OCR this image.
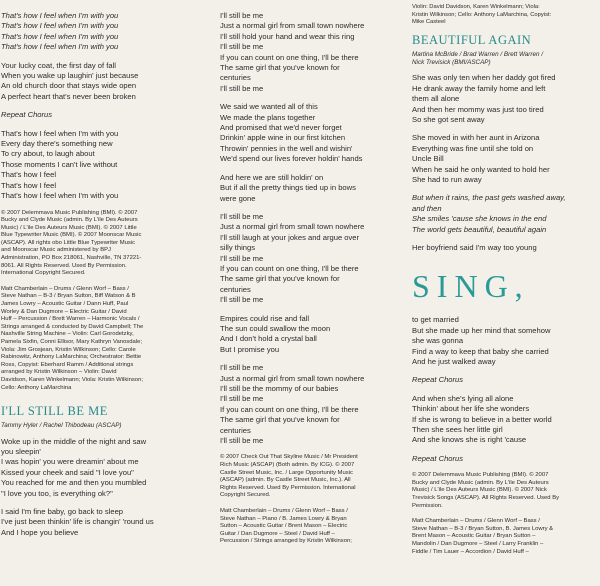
That's how I feel when I'm with you
That's how I feel when I'm with you
That's how I feel when I'm with you
That's how I feel when I'm with you

Your lucky coat, the first day of fall
When you wake up laughin' just because
An old church door that stays wide open
A perfect heart that's never been broken

Repeat Chorus

That's how I feel when I'm with you
Every day there's something new
To cry about, to laugh about
Those moments I can't live without
That's how I feel
That's how I feel
That's how I feel when I'm with you

© 2007 Delemmava Music Publishing (BMI). © 2007
Bucky and Clyde Music (admin. By L'ile Des Auteurs
Music) / L'ile Des Auteurs Music (BMI). © 2007 Little
Blue Typewriter Music (BMI). © 2007 Moonscar Music
(ASCAP). All rights obo Little Blue Typewriter Music
and Moonscar Music administered by BPJ
Administration, PO Box 218061, Nashville, TN 37221-
8061. All Rights Reserved. Used By Permission.
International Copyright Secured.

Matt Chamberlain – Drums / Glenn Worf – Bass /
Steve Nathan – B-3 / Bryan Sutton, Biff Watson & B
James Lowry – Acoustic Guitar / Dann Huff, Paul
Worley & Dan Dugmore – Electric Guitar / David
Huff – Percussion / Brett Warren – Harmonic Vocals /
Strings arranged & conducted by David Campbell; The
Nashville String Machine – Violin: Carl Gorodetzky,
Pamela Sixfin, Conni Ellisor, Mary Kathryn Vanosdale;
Viola: Jim Grosjean, Kristin Wilkinson; Cello: Carole
Rabinowitz, Anthony LaMarchina; Orchestrator: Bettie
Ross, Copyist: Eberhard Ramm / Additional strings
arranged by Kristin Wilkinson – Violin: David
Davidson, Karen Winkelmann; Viola: Kristin Wilkinson;
Cello: Anthony LaMarchina

I'LL STILL BE ME

Tammy Hyler / Rachel Thibodeau (ASCAP)

Woke up in the middle of the night and saw
you sleepin'
I was hopin' you were dreamin' about me
Kissed your cheek and said "I love you"
You reached for me and then you mumbled
"I love you too, is everything ok?"

I said I'm fine baby, go back to sleep
I've just been thinkin' life is changin' 'round us
And I hope you believe

I'll still be me
Just a normal girl from small town nowhere
I'll still hold your hand and wear this ring
I'll still be me
If you can count on one thing, I'll be there
The same girl that you've known for
centuries
I'll still be me

We said we wanted all of this
We made the plans together
And promised that we'd never forget
Drinkin' apple wine in our first kitchen
Throwin' pennies in the well and wishin'
We'd spend our lives forever holdin' hands

And here we are still holdin' on
But if all the pretty things tied up in bows
were gone

I'll still be me
Just a normal girl from small town nowhere
I'll still laugh at your jokes and argue over
silly things
I'll still be me
If you can count on one thing, I'll be there
The same girl that you've known for
centuries
I'll still be me

Empires could rise and fall
The sun could swallow the moon
And I don't hold a crystal ball
But I promise you

I'll still be me
Just a normal girl from small town nowhere
I'll still be the mommy of our babies
I'll still be me
If you can count on one thing, I'll be there
The same girl that you've known for
centuries
I'll still be me

© 2007 Check Out That Skyline Music / Mr President
Rich Music (ASCAP) (Both admin. By ICG). © 2007
Castle Street Music, Inc. / Large Opportunity Music
(ASCAP) (admin. By Castle Street Music, Inc.). All
Rights Reserved. Used By Permission. International
Copyright Secured.

Matt Chamberlain – Drums / Glenn Worf – Bass /
Steve Nathan – Piano / B. James Lowry & Bryan
Sutton – Acoustic Guitar / Brent Mason – Electric
Guitar / Dan Dugmore – Steel / David Huff –
Percussion / Strings arranged by Kristin Wilkinson;

Violin: David Davidson, Karen Winkelmann; Viola:
Kristin Wilkinson; Cello: Anthony LaMarchina, Copyist:
Mike Casteel

BEAUTIFUL AGAIN

Martina McBride / Brad Warren / Brett Warren /
Nick Trevisick (BMI/ASCAP)

She was only ten when her daddy got fired
He drank away the family home and left
them all alone
And then her mommy was just too tired
So she got sent away

She moved in with her aunt in Arizona
Everything was fine until she told on
Uncle Bill
When he said he only wanted to hold her
She had to run away

But when it rains, the past gets washed away,
and then
She smiles 'cause she knows in the end
The world gets beautiful, beautiful again

Her boyfriend said I'm way too young

SING,

to get married
But she made up her mind that somehow
she was gonna
Find a way to keep that baby she carried
And he just walked away

Repeat Chorus

And when she's lying all alone
Thinkin' about her life she wonders
If she is wrong to believe in a better world
Then she sees her little girl
And she knows she is right 'cause

Repeat Chorus

© 2007 Delemmava Music Publishing (BMI). © 2007
Bucky and Clyde Music (admin. By L'ile Des Auteurs
Music) / L'ile Des Auteurs Music (BMI). © 2007 Nick
Trevisick Songs (ASCAP). All Rights Reserved. Used By
Permission.

Matt Chamberlain – Drums / Glenn Worf – Bass /
Steve Nathan – B-3 / Bryan Sutton, B. James Lowry &
Brent Mason – Acoustic Guitar / Bryan Sutton –
Mandolin / Dan Dugmore – Steel / Larry Franklin –
Fiddle / Tim Lauer – Accordion / David Huff –
